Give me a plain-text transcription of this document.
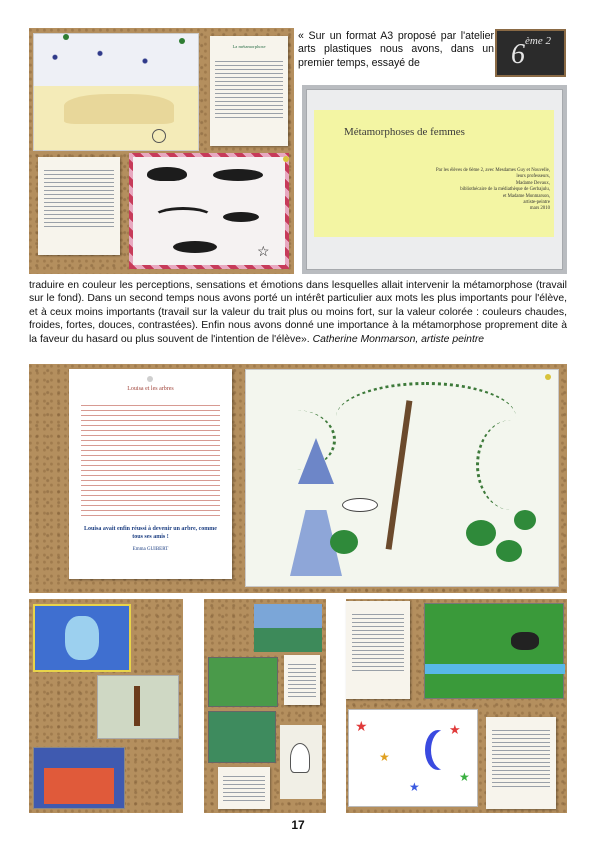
La métamorphose
☆
« Sur un format A3 proposé par l'atelier arts plastiques nous avons, dans un premier temps, essayé de	6 ème 2
Métamorphoses de femmes
Par les élèves de 6ème 2, avec Mesdames Guy et Nouvelle,
leurs professeurs,
Madame Devaux,
bibliothécaire de la médiathèque de Gerbajulu,
et Madame Monmarson,
artiste-peintre
mars 2010
traduire en couleur les perceptions, sensations et émotions dans lesquelles allait intervenir la métamorphose (travail sur le fond). Dans un second temps nous avons porté un intérêt particulier aux mots les plus importants pour l'élève, et à ceux moins importants (travail sur la valeur du trait plus ou moins fort, sur la valeur colorée : couleurs chaudes, froides, fortes, douces, contrastées). Enfin nous avons donné une importance à la métamorphose proprement dite à la faveur du hasard ou plus souvent de l'intention de l'élève». Catherine Monmarson, artiste peintre
Louisa et les arbres
Louisa avait enfin réussi à devenir un arbre, comme tous ses amis !
Emma GUIBERT
★
★
★
★
★
17
